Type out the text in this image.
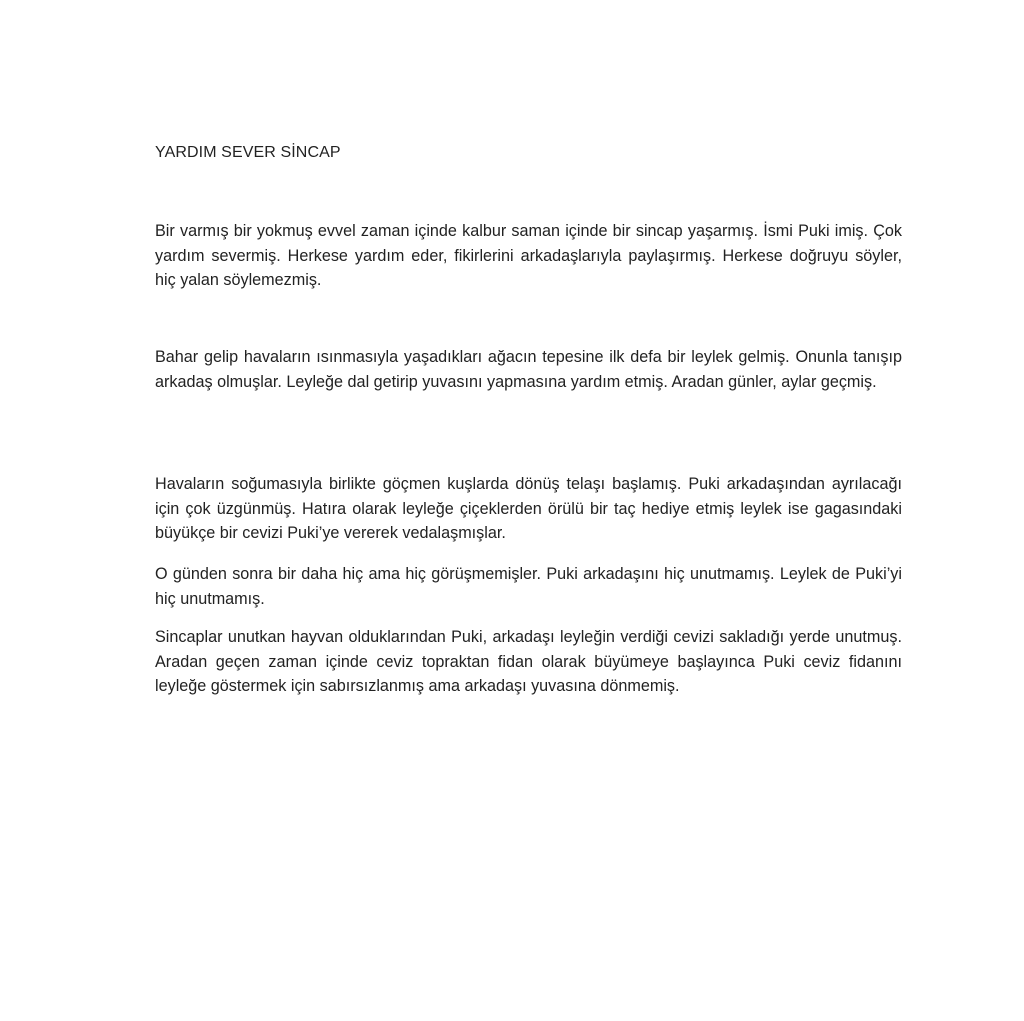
YARDIM SEVER SİNCAP

Bir varmış bir yokmuş evvel zaman içinde kalbur saman içinde bir sincap yaşarmış. İsmi Puki imiş. Çok yardım severmiş. Herkese yardım eder, fikirlerini arkadaşlarıyla paylaşırmış. Herkese doğruyu söyler, hiç yalan söylemezmiş.

Bahar gelip havaların ısınmasıyla yaşadıkları ağacın tepesine ilk defa bir leylek gelmiş. Onunla tanışıp arkadaş olmuşlar. Leyleğe dal getirip yuvasını yapmasına yardım etmiş. Aradan günler, aylar geçmiş.

Havaların soğumasıyla birlikte göçmen kuşlarda dönüş telaşı başlamış. Puki arkadaşından ayrılacağı için çok üzgünmüş. Hatıra olarak leyleğe çiçeklerden örülü bir taç hediye etmiş leylek ise gagasındaki büyükçe bir cevizi Puki’ye vererek vedalaşmışlar.

O günden sonra bir daha hiç ama hiç görüşmemişler. Puki arkadaşını hiç unutmamış. Leylek de Puki’yi hiç unutmamış.

Sincaplar unutkan hayvan olduklarından Puki, arkadaşı leyleğin verdiği cevizi sakladığı yerde unutmuş. Aradan geçen zaman içinde ceviz topraktan fidan olarak büyümeye başlayınca Puki ceviz fidanını leyleğe göstermek için sabırsızlanmış ama arkadaşı yuvasına dönmemiş.
